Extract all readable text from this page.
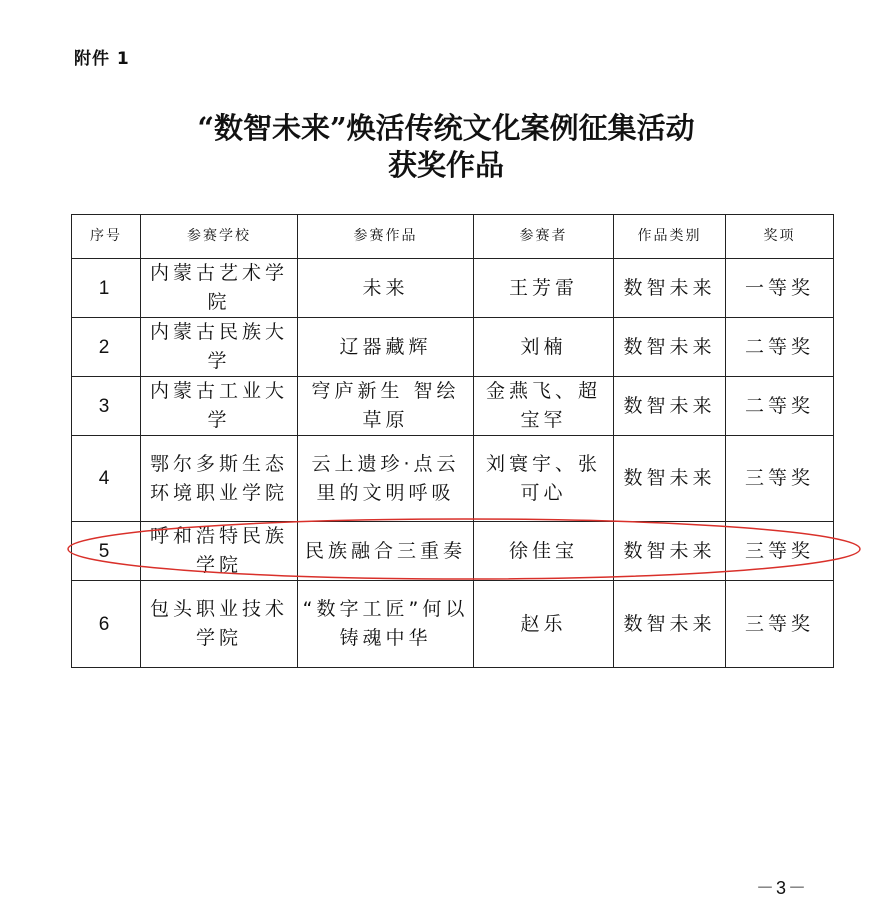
附件 1
“数智未来”焕活传统文化案例征集活动
获奖作品
序号	参赛学校	参赛作品	参赛者	作品类别	奖项
1	内蒙古艺术学院	未来	王芳雷	数智未来	一等奖
2	内蒙古民族大学	辽器藏辉	刘楠	数智未来	二等奖
3	内蒙古工业大学	穹庐新生 智绘草原	金燕飞、超宝罕	数智未来	二等奖
4	鄂尔多斯生态环境职业学院	云上遗珍·点云里的文明呼吸	刘寰宇、张可心	数智未来	三等奖
5	呼和浩特民族学院	民族融合三重奏	徐佳宝	数智未来	三等奖
6	包头职业技术学院	“数字工匠”何以铸魂中华	赵乐	数智未来	三等奖
－3－
